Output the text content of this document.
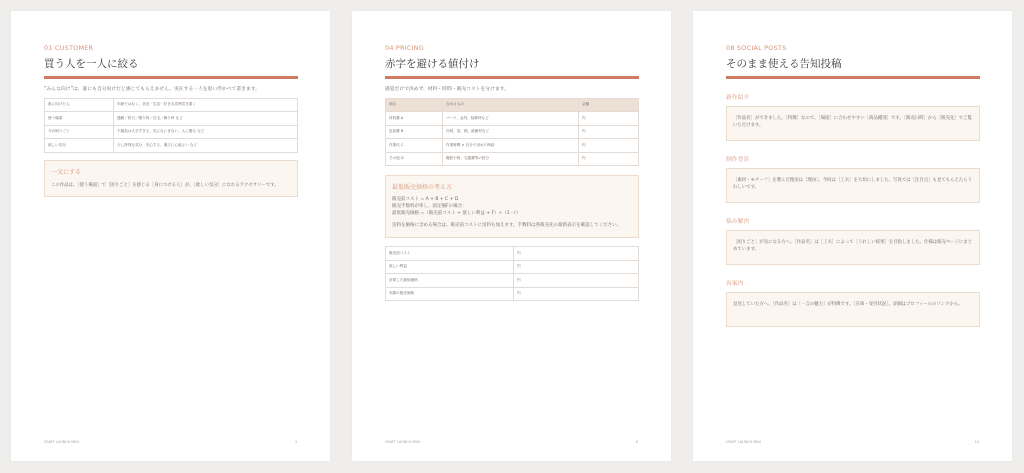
01 CUSTOMER
買う人を一人に絞る
“みんな向け”は、誰にも自分向けだと感じてもらえません。実在する一人を思い浮かべて書きます。
誰に向けた人	年齢ではなく、状況・生活・好きな雰囲気を書く
使う場面	通勤／休日／贈り物／自宅／飾り時 など
今の困りごと	不揃品は大きすぎる、気になにまない、人に贈る など
欲しい気分	少し特別な気分、安心する、運びに心地よい など
一文にする
この作品は、［使う場面］で［困りごと］を感じる［身につける人］が、［欲しい気分］になれるアクセサリーです。
CRAFT LAUNCH MINI	3
04 PRICING
赤字を避ける値付け
感覚だけで決めず、材料・時間・販売コストを分けます。
項目	含めるもの	金額
材料費 A	パーツ、金具、装飾材など	円
包装費 B	台紙、袋、箱、緩衝材など	円
作業代 C	作業時間 × 自分で決めた時給	円
その他 D	撮影小物、交通費等の按分	円
最低販売価格の考え方
販売前コスト = A + B + C + D
販売手数料が率し、固定額Fの場合：
最低販売価格 =（販売前コスト + 欲しい利益 + F）÷（1 - r）
送料を価格に含める場合は、販売前コストに送料も加えます。手数料は各販売先の最新表示を確認してください。
販売前コスト	円
欲しい利益	円
計算した最低価格	円
実際の販売価格	円
CRAFT LAUNCH MINI	6
08 SOCIAL POSTS
そのまま使える告知投稿
新作紹介
［作品名］ができました。［特徴］なので、［場面］に合わせやすい［商品種別］です。［販売日時］から［販売先］でご覧いただけます。
制作背景
［素材・モチーフ］を選んだ理由は［理由］。今回は［工夫］を大切にしました。写真では［注目点］も見てもらえたらうれしいです。
悩み解決
［困りごと］が気になる方へ。［作品名］は［工夫］によって［うれしい結果］を目指しました。仕様は販売ページにまとめています。
再案内
見送していた方へ。［作品名］は［一言の魅力］が特徴です。［在庫・受付状況］。詳細はプロフィールのリンクから。
CRAFT LAUNCH MINI	10
